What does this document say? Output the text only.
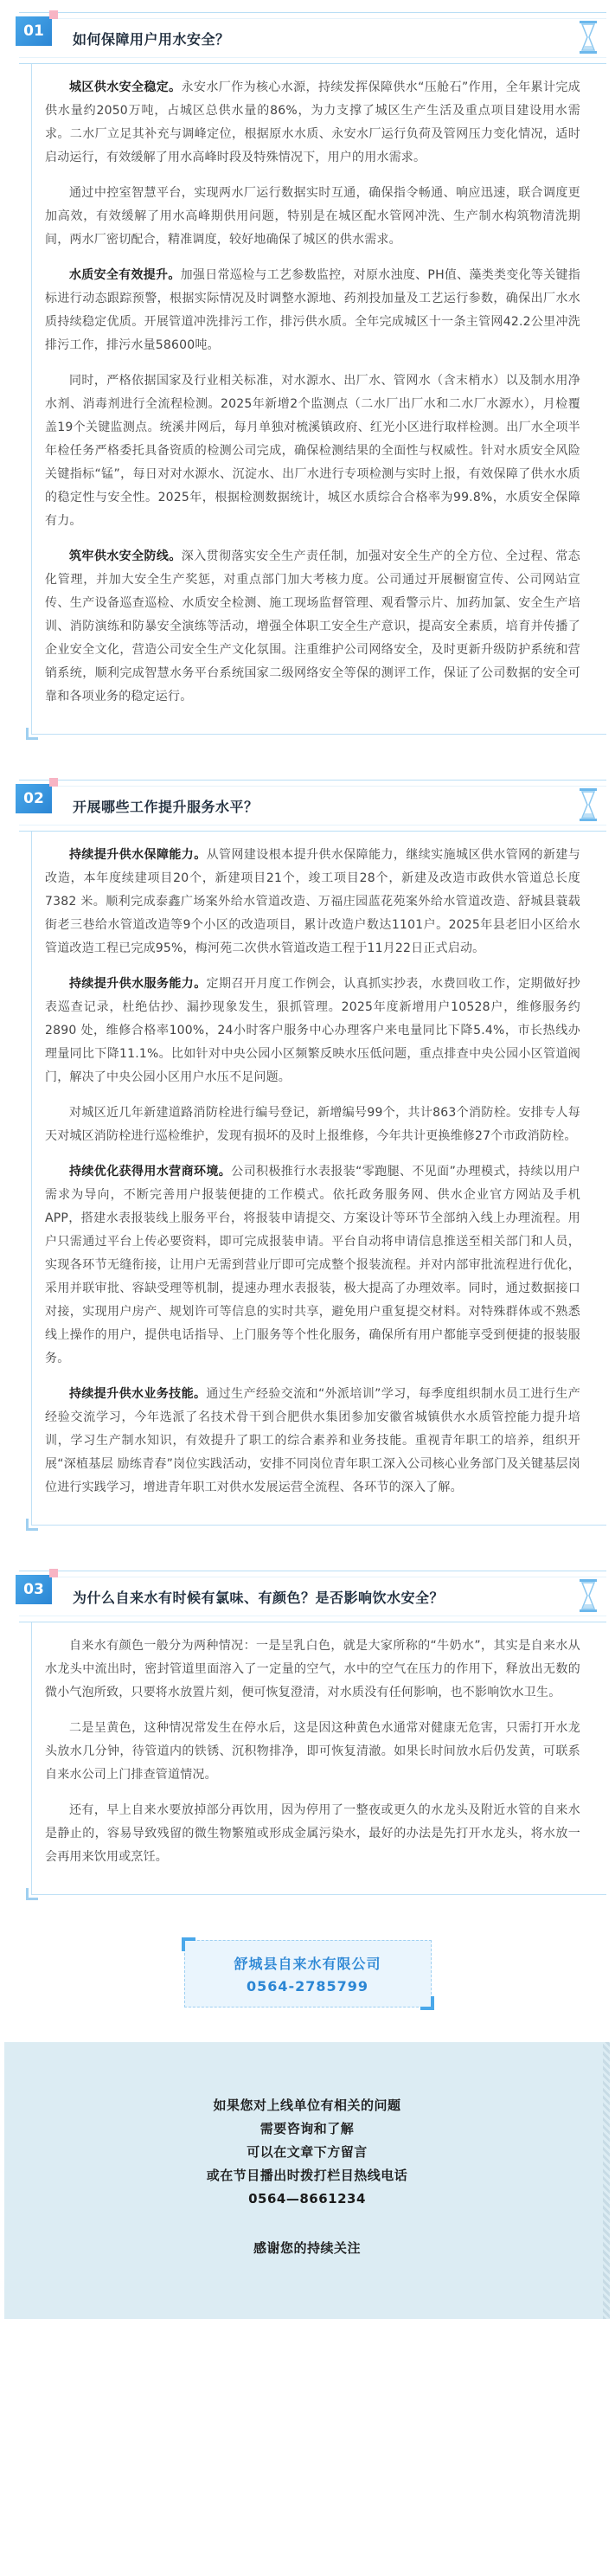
01	如何保障用户用水安全？

城区供水安全稳定。永安水厂作为核心水源，持续发挥保障供水“压舱石”作用，全年累计完成供水量约2050万吨，占城区总供水量的86%，为力支撑了城区生产生活及重点项目建设用水需求。二水厂立足其补充与调峰定位，根据原水水质、永安水厂运行负荷及管网压力变化情况，适时启动运行，有效缓解了用水高峰时段及特殊情况下，用户的用水需求。

通过中控室智慧平台，实现两水厂运行数据实时互通，确保指令畅通、响应迅速，联合调度更加高效，有效缓解了用水高峰期供用问题，特别是在城区配水管网冲洗、生产制水构筑物清洗期间，两水厂密切配合，精准调度，较好地确保了城区的供水需求。

水质安全有效提升。加强日常巡检与工艺参数监控，对原水浊度、PH值、藻类类变化等关键指标进行动态跟踪预警，根据实际情况及时调整水源地、药剂投加量及工艺运行参数，确保出厂水水质持续稳定优质。开展管道冲洗排污工作，排污供水质。全年完成城区十一条主管网42.2公里冲洗排污工作，排污水量58600吨。

同时，严格依据国家及行业相关标准，对水源水、出厂水、管网水（含末梢水）以及制水用净水剂、消毒剂进行全流程检测。2025年新增2个监测点（二水厂出厂水和二水厂水源水），月检覆盖19个关键监测点。统溪井网后，每月单独对梳溪镇政府、红光小区进行取样检测。出厂水全项半年检任务严格委托具备资质的检测公司完成，确保检测结果的全面性与权威性。针对水质安全风险关键指标“锰”，每日对对水源水、沉淀水、出厂水进行专项检测与实时上报，有效保障了供水水质的稳定性与安全性。2025年，根据检测数据统计，城区水质综合合格率为99.8%，水质安全保障有力。

筑牢供水安全防线。深入贯彻落实安全生产责任制，加强对安全生产的全方位、全过程、常态化管理，并加大安全生产奖惩，对重点部门加大考核力度。公司通过开展橱窗宣传、公司网站宣传、生产设备巡查巡检、水质安全检测、施工现场监督管理、观看警示片、加药加氯、安全生产培训、消防演练和防暴安全演练等活动，增强全体职工安全生产意识，提高安全素质，培育并传播了企业安全文化，营造公司安全生产文化氛围。注重维护公司网络安全，及时更新升级防护系统和营销系统，顺利完成智慧水务平台系统国家二级网络安全等保的测评工作，保证了公司数据的安全可靠和各项业务的稳定运行。

02	开展哪些工作提升服务水平？

持续提升供水保障能力。从管网建设根本提升供水保障能力，继续实施城区供水管网的新建与改造，本年度续建项目20个，新建项目21个，竣工项目28个，新建及改造市政供水管道总长度7382 米。顺利完成泰鑫广场案外给水管道改造、万福庄园蓝花苑案外给水管道改造、舒城县蓑载街老三巷给水管道改造等9个小区的改造项目，累计改造户数达1101户。2025年县老旧小区给水管道改造工程已完成95%，梅河苑二次供水管道改造工程于11月22日正式启动。

持续提升供水服务能力。定期召开月度工作例会，认真抓实抄表，水费回收工作，定期做好抄表巡查记录，杜绝估抄、漏抄现象发生，狠抓管理。2025年度新增用户10528户，维修服务约2890 处，维修合格率100%，24小时客户服务中心办理客户来电量同比下降5.4%，市长热线办理量同比下降11.1%。比如针对中央公园小区频繁反映水压低问题，重点排查中央公园小区管道阀门，解决了中央公园小区用户水压不足问题。

对城区近几年新建道路消防栓进行编号登记，新增编号99个，共计863个消防栓。安排专人每天对城区消防栓进行巡检维护，发现有损坏的及时上报维修，今年共计更换维修27个市政消防栓。

持续优化获得用水营商环境。公司积极推行水表报装“零跑腿、不见面”办理模式，持续以用户需求为导向，不断完善用户报装便捷的工作模式。依托政务服务网、供水企业官方网站及手机APP，搭建水表报装线上服务平台，将报装申请提交、方案设计等环节全部纳入线上办理流程。用户只需通过平台上传必要资料，即可完成报装申请。平台自动将申请信息推送至相关部门和人员，实现各环节无缝衔接，让用户无需到营业厅即可完成整个报装流程。并对内部审批流程进行优化，采用并联审批、容缺受理等机制，提速办理水表报装，极大提高了办理效率。同时，通过数据接口对接，实现用户房产、规划许可等信息的实时共享，避免用户重复提交材料。对特殊群体或不熟悉线上操作的用户，提供电话指导、上门服务等个性化服务，确保所有用户都能享受到便捷的报装服务。

持续提升供水业务技能。通过生产经验交流和“外派培训”学习，每季度组织制水员工进行生产经验交流学习，今年选派了名技术骨干到合肥供水集团参加安徽省城镇供水水质管控能力提升培训，学习生产制水知识，有效提升了职工的综合素养和业务技能。重视青年职工的培养，组织开展“深植基层 励练青春”岗位实践活动，安排不同岗位青年职工深入公司核心业务部门及关键基层岗位进行实践学习，增进青年职工对供水发展运营全流程、各环节的深入了解。

03	为什么自来水有时候有氯味、有颜色？是否影响饮水安全？

自来水有颜色一般分为两种情况：一是呈乳白色，就是大家所称的“牛奶水”，其实是自来水从水龙头中流出时，密封管道里面溶入了一定量的空气，水中的空气在压力的作用下，释放出无数的微小气泡所致，只要将水放置片刻，便可恢复澄清，对水质没有任何影响，也不影响饮水卫生。

二是呈黄色，这种情况常发生在停水后，这是因这种黄色水通常对健康无危害，只需打开水龙头放水几分钟，待管道内的铁锈、沉积物排净，即可恢复清澈。如果长时间放水后仍发黄，可联系自来水公司上门排查管道情况。

还有，早上自来水要放掉部分再饮用，因为停用了一整夜或更久的水龙头及附近水管的自来水是静止的，容易导致残留的微生物繁殖或形成金属污染水，最好的办法是先打开水龙头，将水放一会再用来饮用或烹饪。

舒城县自来水有限公司
0564-2785799
如果您对上线单位有相关的问题
需要咨询和了解
可以在文章下方留言
或在节目播出时拨打栏目热线电话
0564—8661234
感谢您的持续关注
